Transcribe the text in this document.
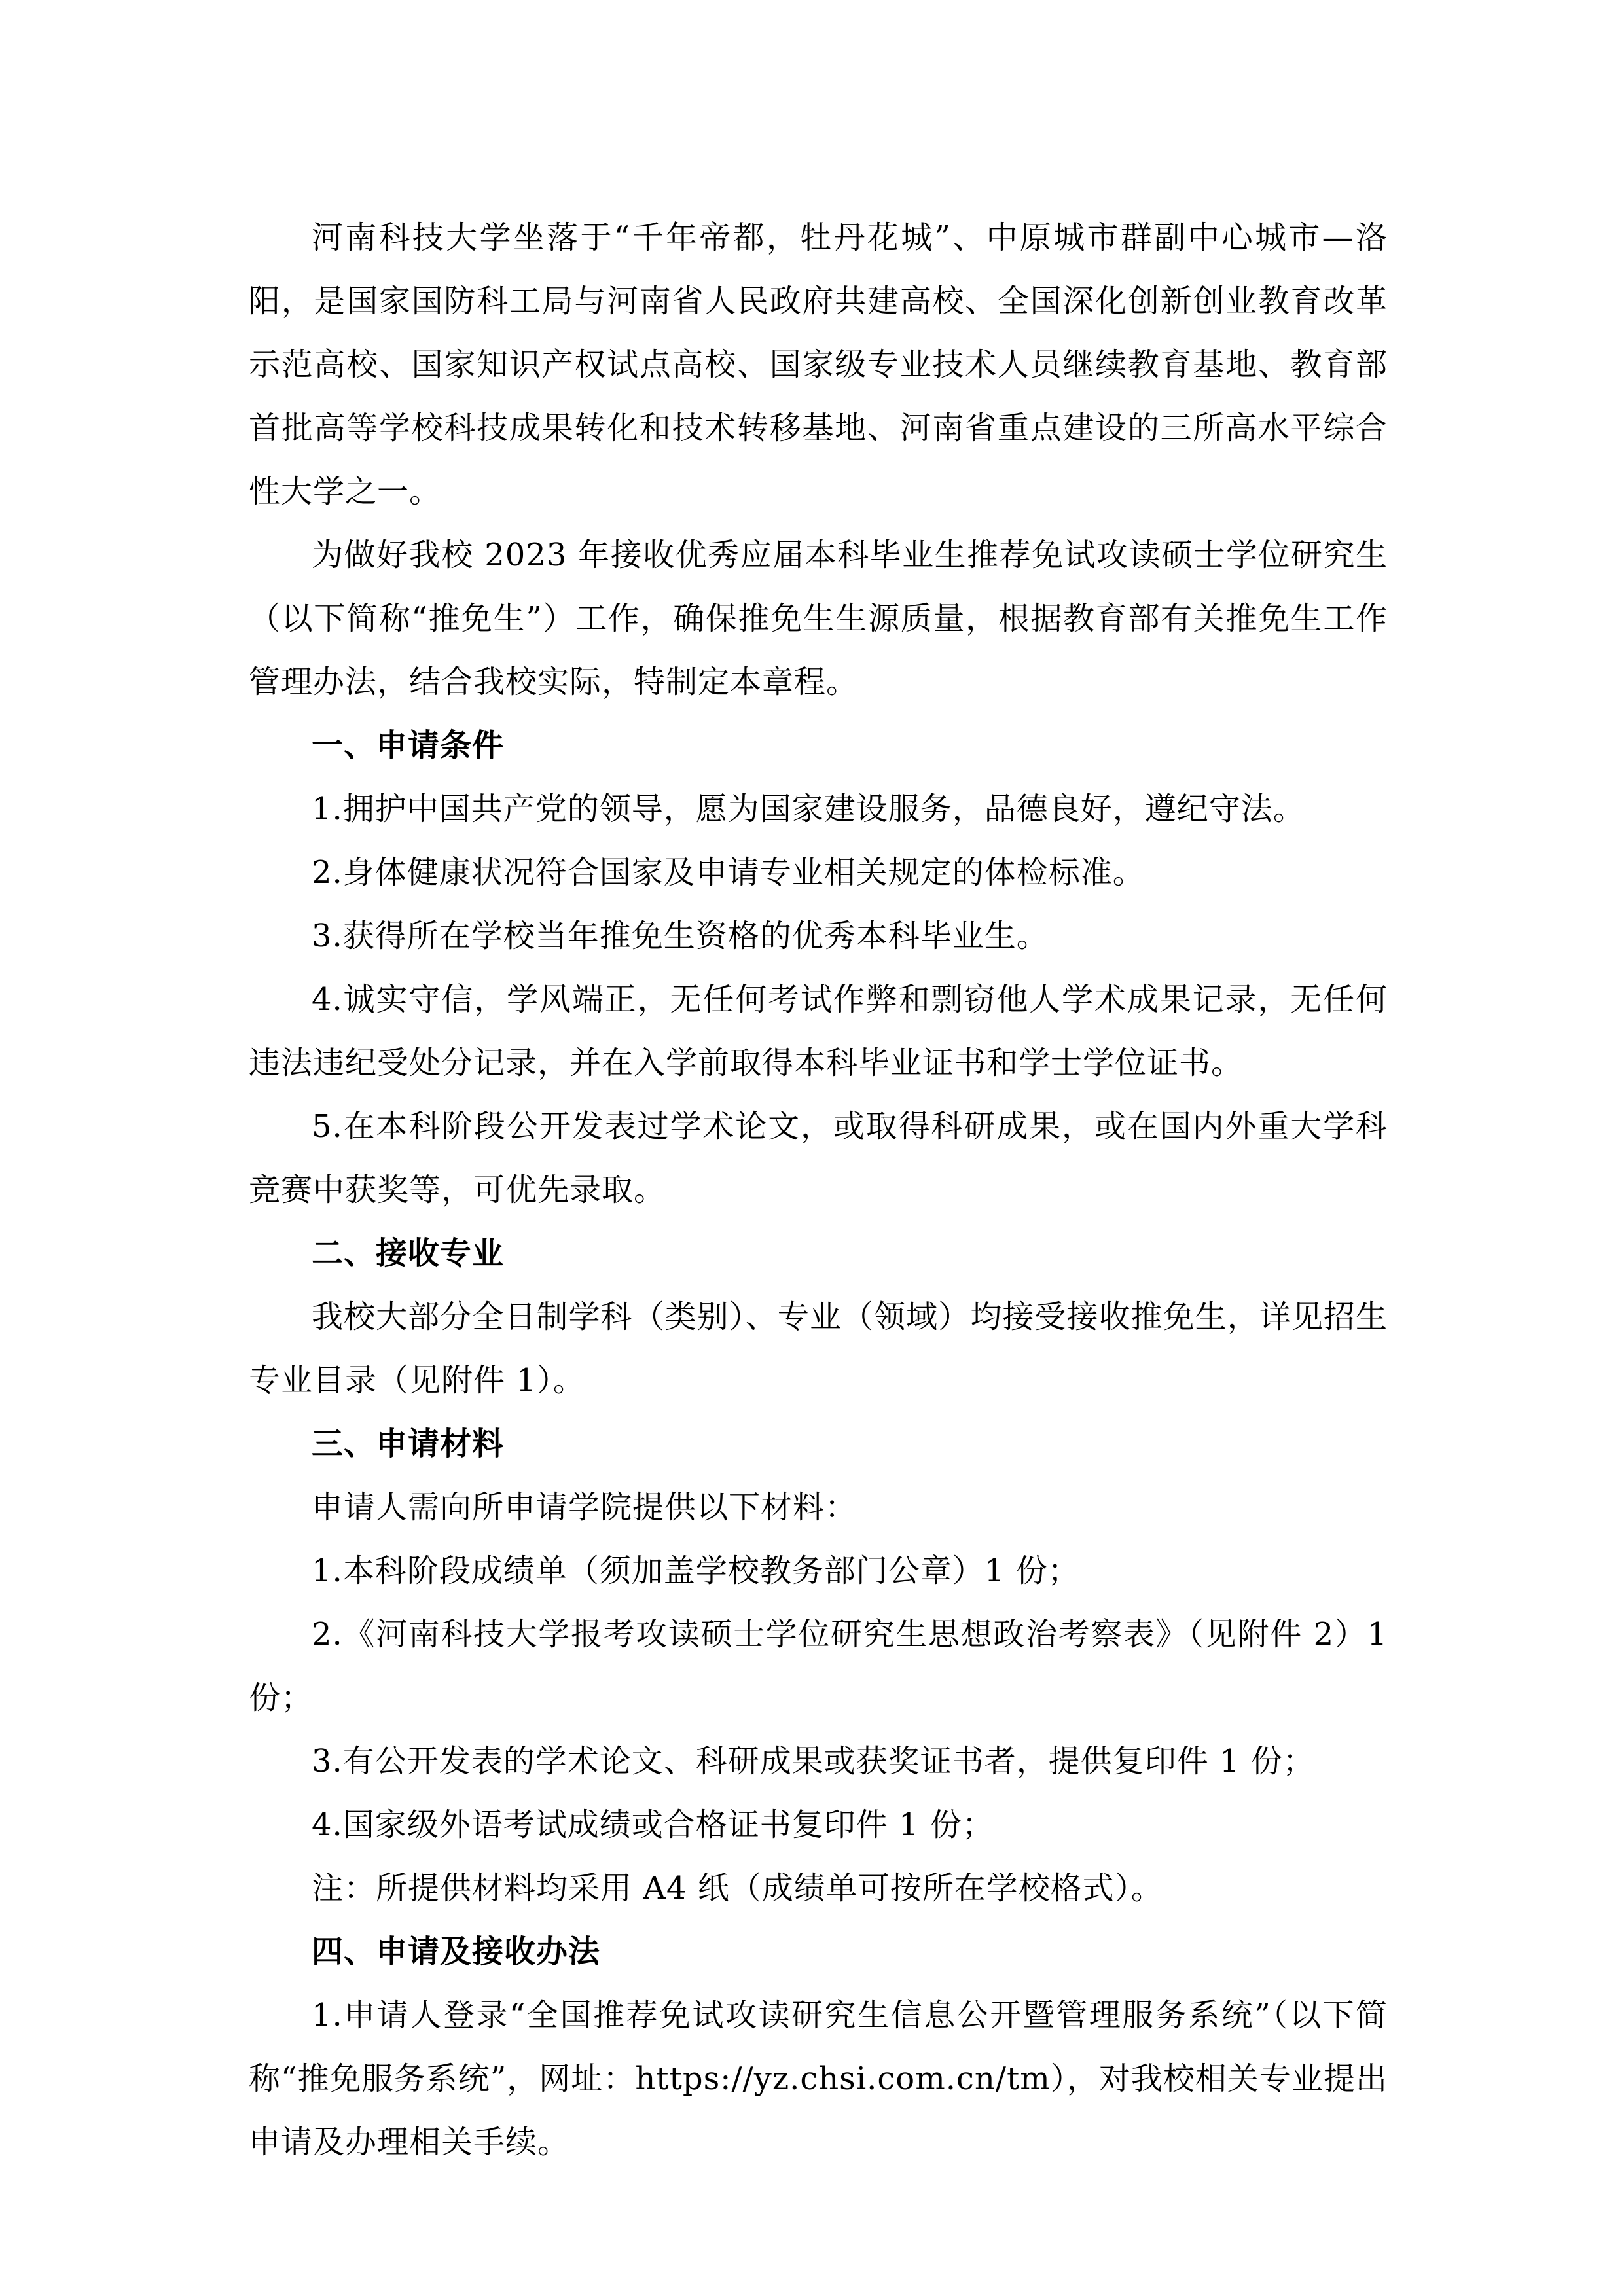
河南科技大学坐落于“千年帝都，牡丹花城”、中原城市群副中心城市—洛阳，是国家国防科工局与河南省人民政府共建高校、全国深化创新创业教育改革示范高校、国家知识产权试点高校、国家级专业技术人员继续教育基地、教育部首批高等学校科技成果转化和技术转移基地、河南省重点建设的三所高水平综合性大学之一。

为做好我校 2023 年接收优秀应届本科毕业生推荐免试攻读硕士学位研究生（以下简称“推免生”）工作，确保推免生生源质量，根据教育部有关推免生工作管理办法，结合我校实际，特制定本章程。

一、申请条件

1.拥护中国共产党的领导，愿为国家建设服务，品德良好，遵纪守法。

2.身体健康状况符合国家及申请专业相关规定的体检标准。

3.获得所在学校当年推免生资格的优秀本科毕业生。

4.诚实守信，学风端正，无任何考试作弊和剽窃他人学术成果记录，无任何违法违纪受处分记录，并在入学前取得本科毕业证书和学士学位证书。

5.在本科阶段公开发表过学术论文，或取得科研成果，或在国内外重大学科竞赛中获奖等，可优先录取。

二、接收专业

我校大部分全日制学科（类别）、专业（领域）均接受接收推免生，详见招生专业目录（见附件 1）。

三、申请材料

申请人需向所申请学院提供以下材料：

1.本科阶段成绩单（须加盖学校教务部门公章）1 份；

2.《河南科技大学报考攻读硕士学位研究生思想政治考察表》（见附件 2）1 份；

3.有公开发表的学术论文、科研成果或获奖证书者，提供复印件 1 份；

4.国家级外语考试成绩或合格证书复印件 1 份；

注：所提供材料均采用 A4 纸（成绩单可按所在学校格式）。

四、申请及接收办法

1.申请人登录“全国推荐免试攻读研究生信息公开暨管理服务系统”（以下简称“推免服务系统”，网址：https://yz.chsi.com.cn/tm），对我校相关专业提出申请及办理相关手续。
